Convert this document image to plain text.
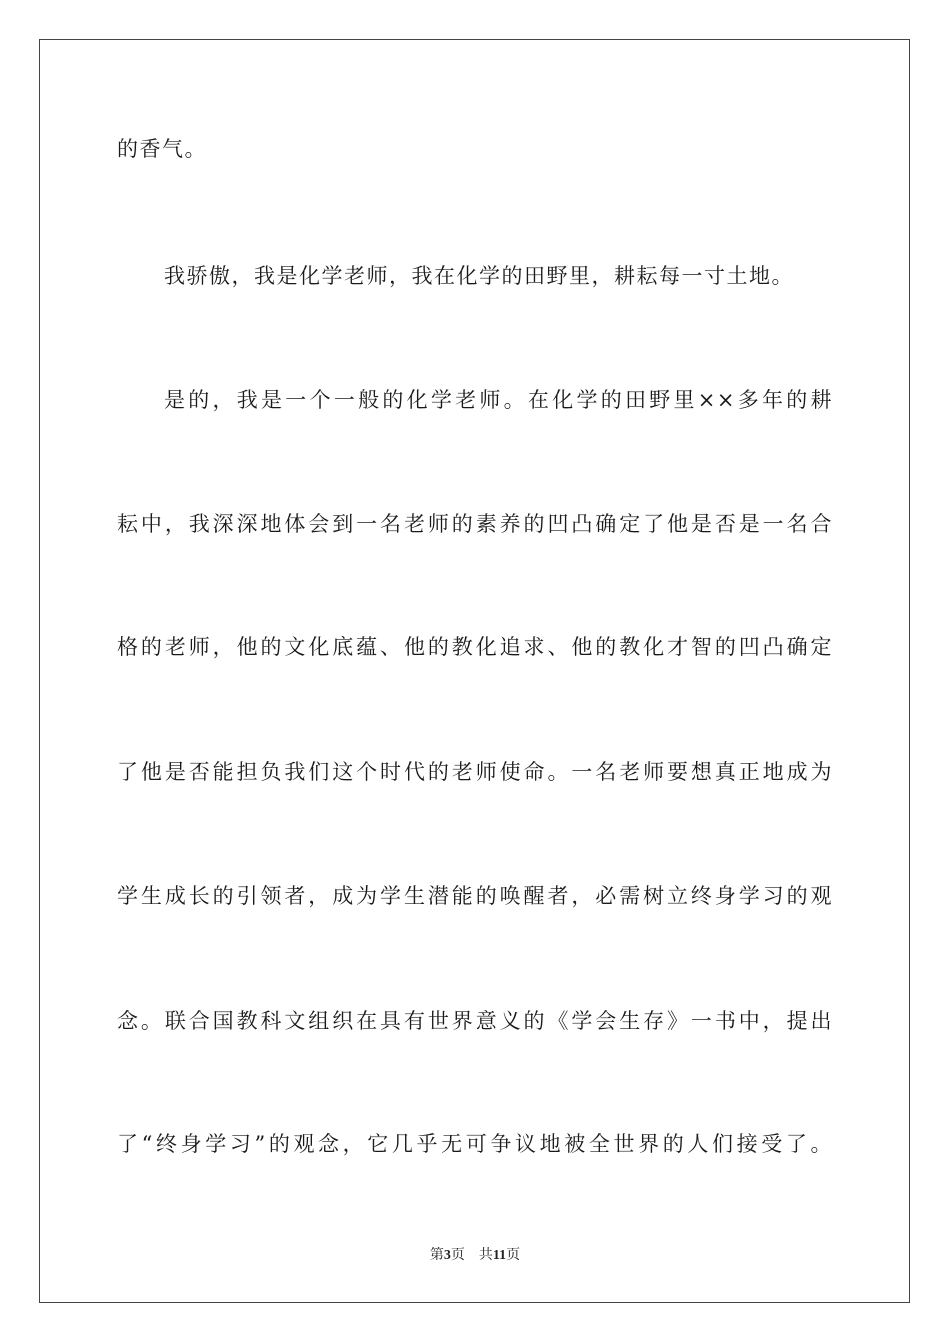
的香气。
我骄傲，我是化学老师，我在化学的田野里，耕耘每一寸土地。
是的，我是一个一般的化学老师。在化学的田野里××多年的耕
耘中，我深深地体会到一名老师的素养的凹凸确定了他是否是一名合
格的老师，他的文化底蕴、他的教化追求、他的教化才智的凹凸确定
了他是否能担负我们这个时代的老师使命。一名老师要想真正地成为
学生成长的引领者，成为学生潜能的唤醒者，必需树立终身学习的观
念。联合国教科文组织在具有世界意义的《学会生存》一书中，提出
了“终身学习”的观念，它几乎无可争议地被全世界的人们接受了。
第3页 共11页
